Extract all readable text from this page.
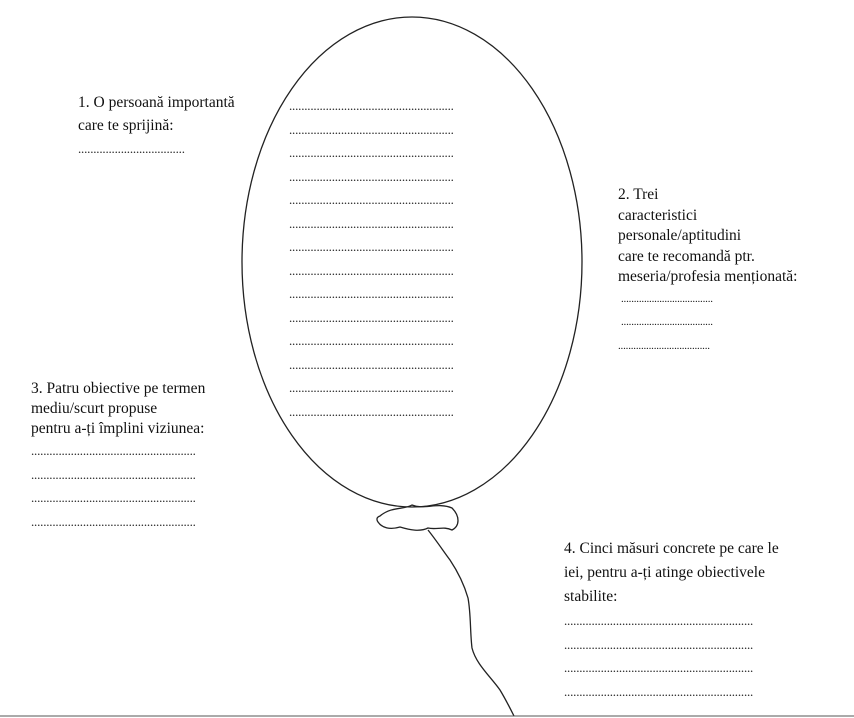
1. O persoană importantă
care te sprijină:
...................................
......................................................
......................................................
......................................................
......................................................
......................................................
......................................................
......................................................
......................................................
......................................................
......................................................
......................................................
......................................................
......................................................
......................................................
2. Trei
caracteristici
personale/aptitudini
care te recomandă ptr.
meseria/profesia menționată:
....................................
....................................
....................................
3. Patru obiective pe termen
mediu/scurt propuse
pentru a-ți împlini viziunea:
......................................................
......................................................
......................................................
......................................................
4. Cinci măsuri concrete pe care le
iei, pentru a-ți atinge obiectivele
stabilite:
..............................................................
..............................................................
..............................................................
..............................................................
